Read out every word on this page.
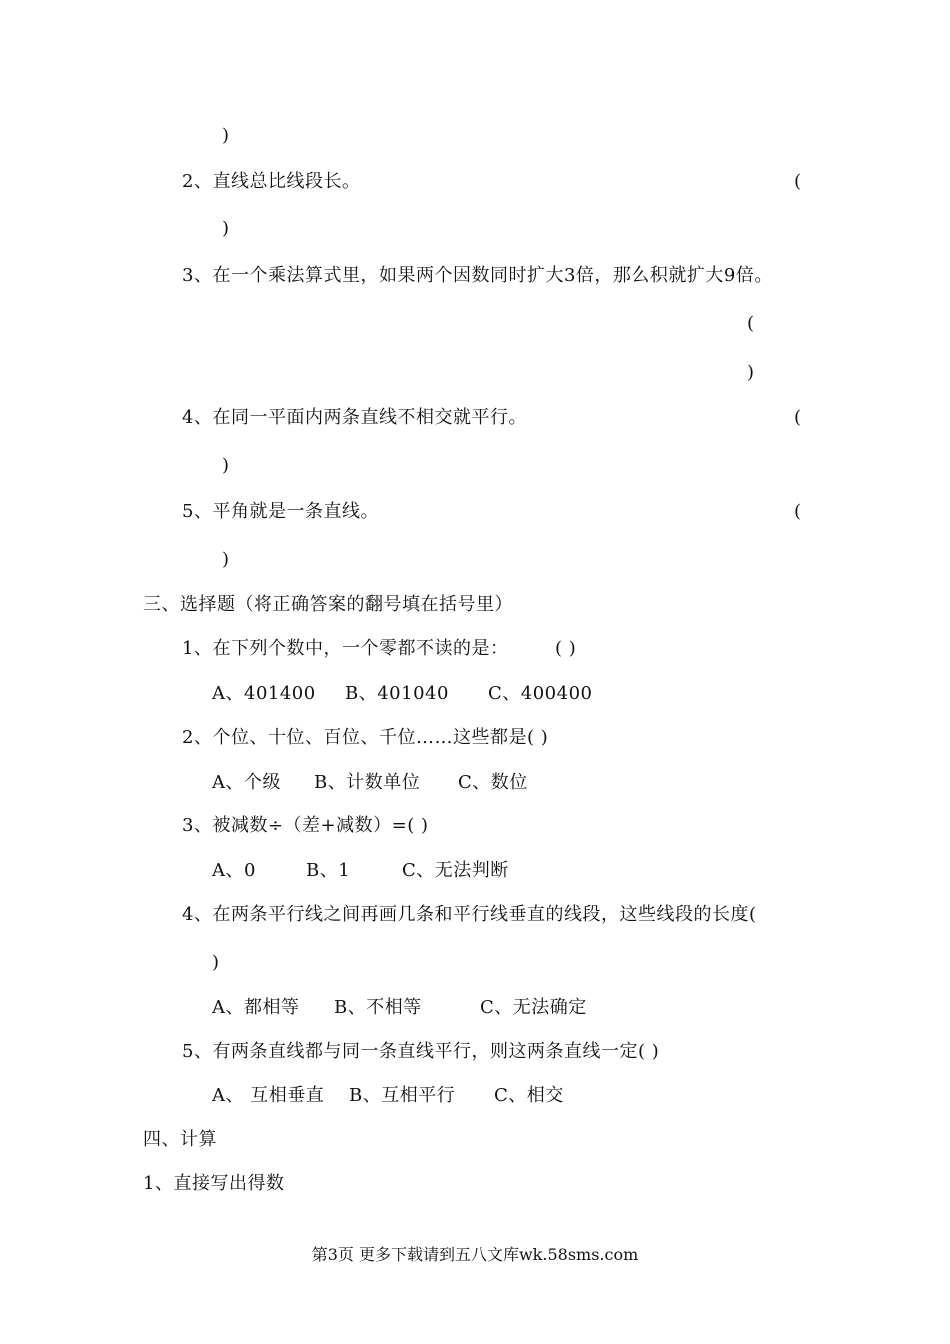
)
2、直线总比线段长。	(
)
3、在一个乘法算式里，如果两个因数同时扩大3倍，那么积就扩大9倍。
(
)
4、在同一平面内两条直线不相交就平行。	(
)
5、平角就是一条直线。	(
)
三、选择题（将正确答案的翻号填在括号里）
1、在下列个数中，一个零都不读的是：	( )
A、401400 B、401040 C、400400
2、个位、十位、百位、千位……这些都是( )
A、个级 B、计数单位 C、数位
3、被减数÷（差+减数）=( )
A、0	B、1	C、无法判断
4、在两条平行线之间再画几条和平行线垂直的线段，这些线段的长度(
)
A、都相等 B、不相等	C、无法确定
5、有两条直线都与同一条直线平行，则这两条直线一定( )
A、 互相垂直 B、互相平行 C、相交
四、计算
1、直接写出得数
第3页 更多下载请到五八文库wk.58sms.com
